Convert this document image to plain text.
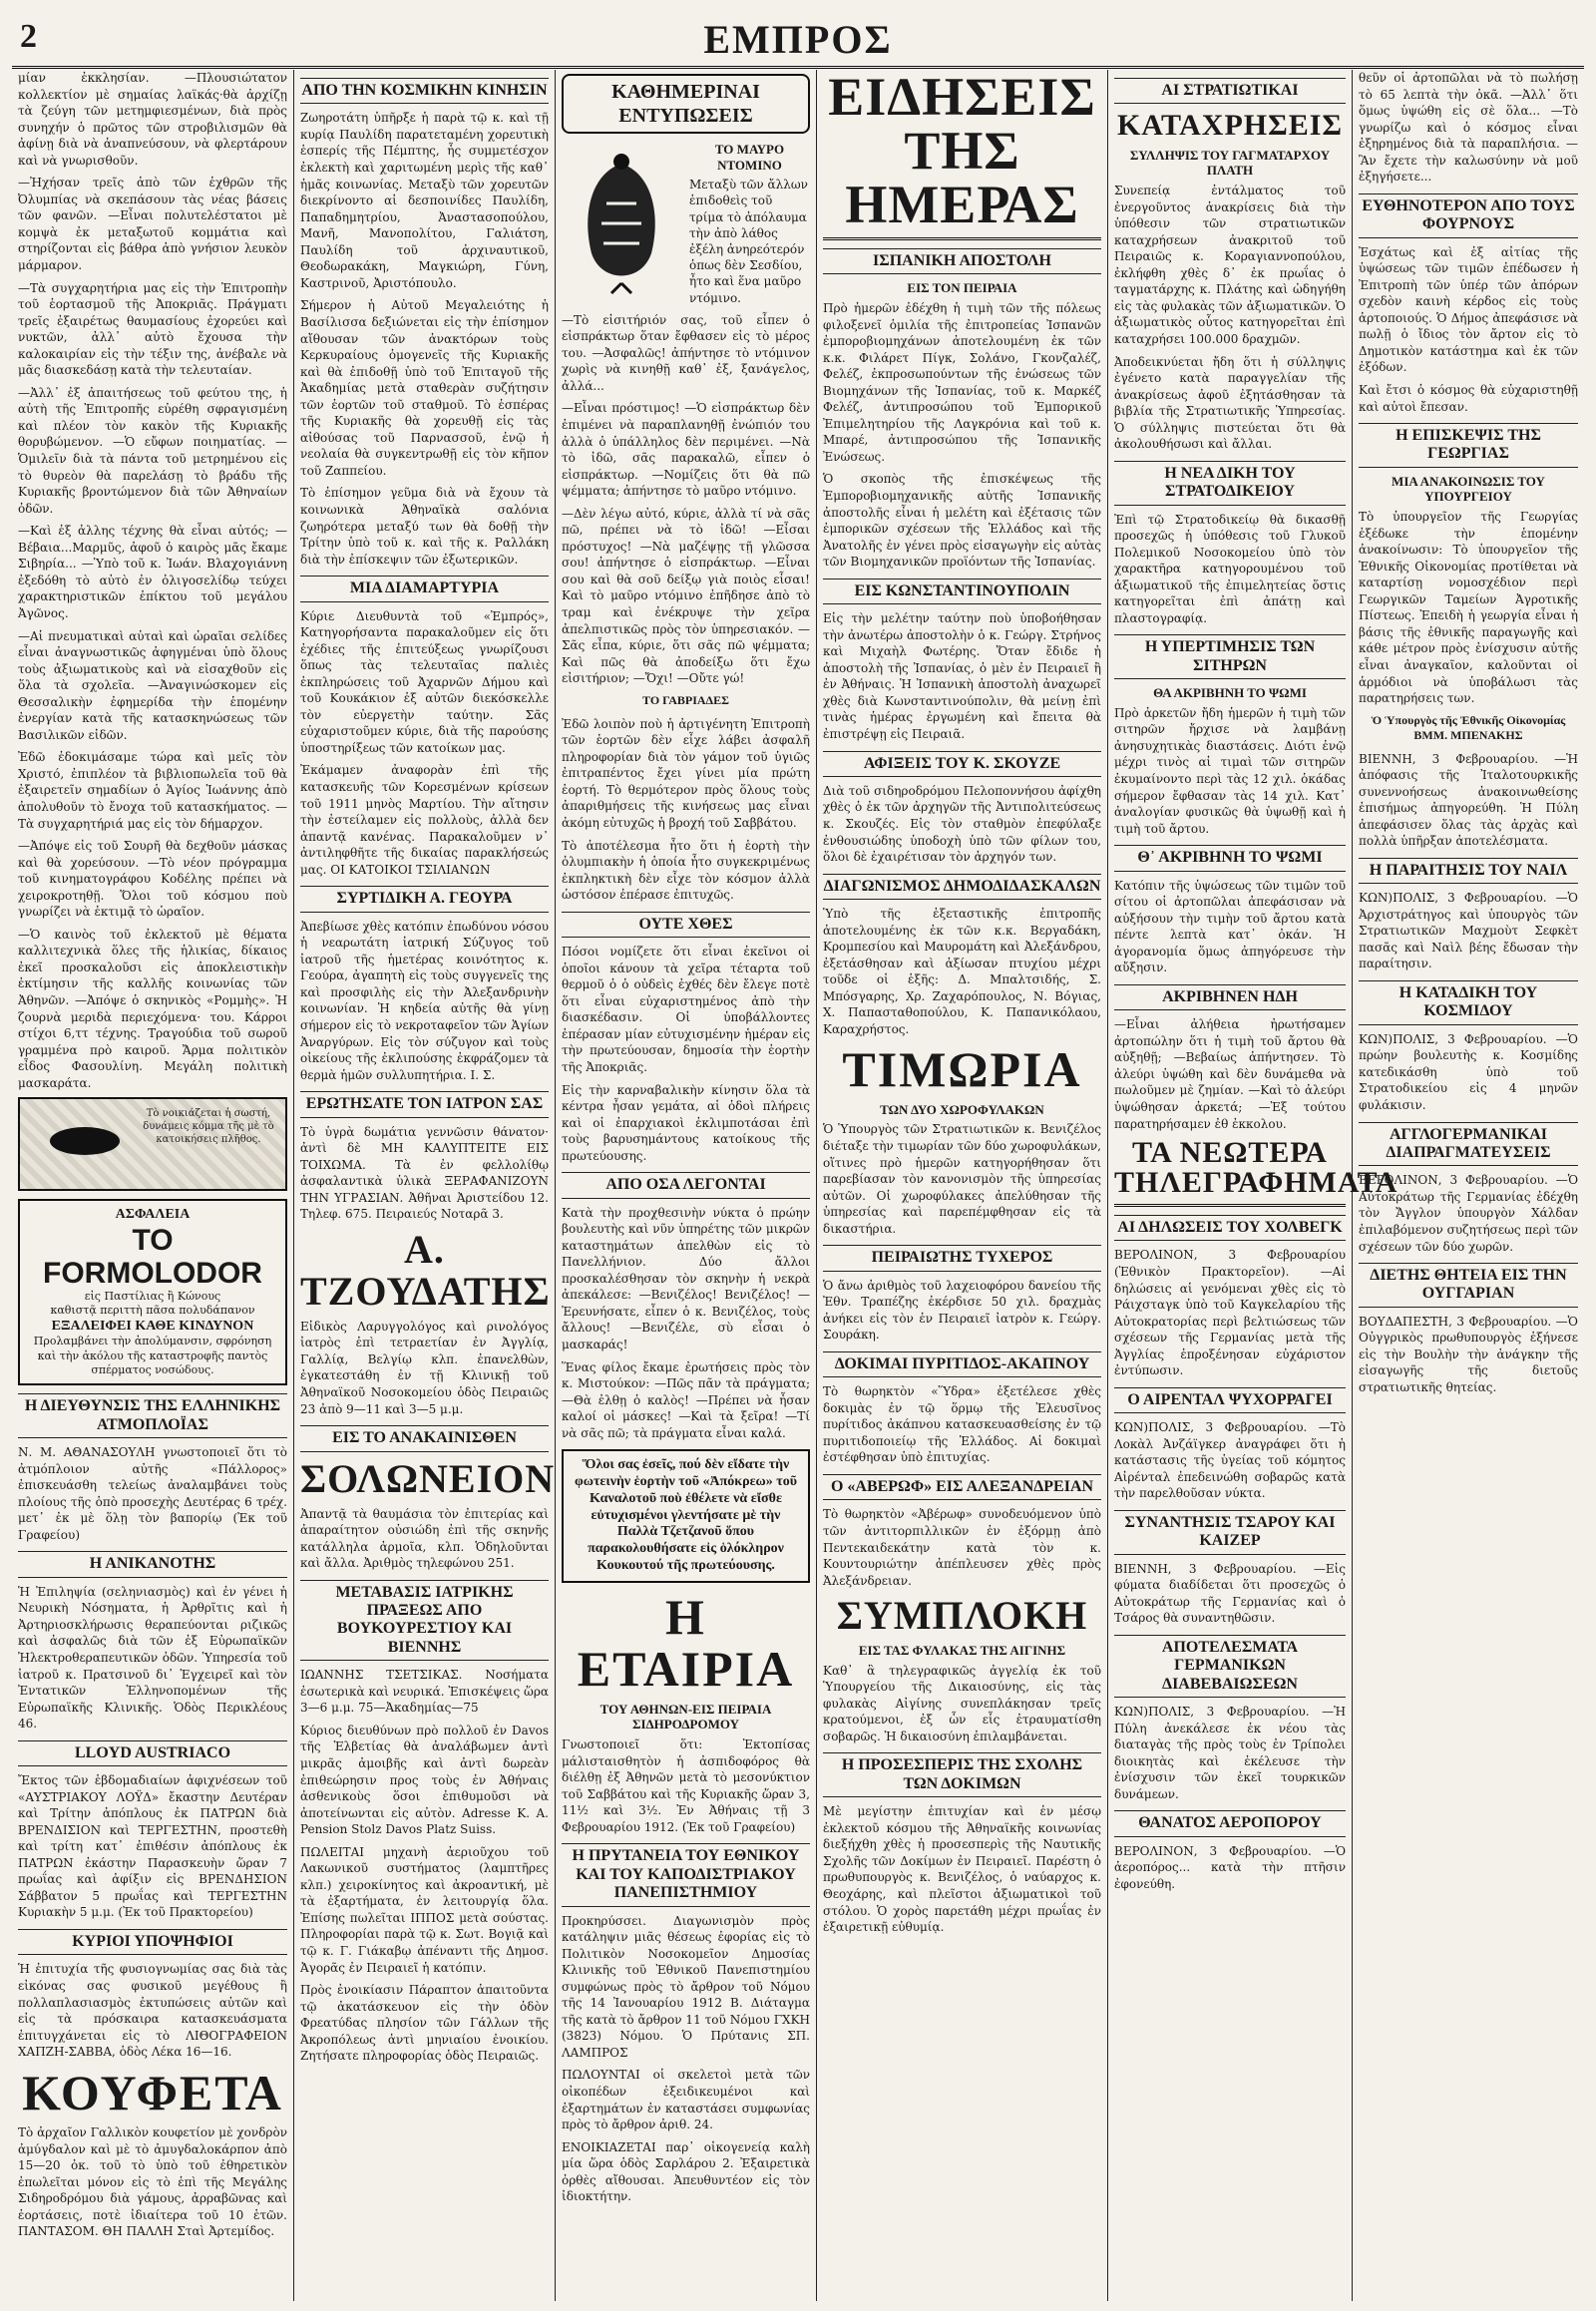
2	ΕΜΠΡΟΣ

μίαν ἐκκλησίαν. —Πλουσιώτατον κολλεκτίον μὲ σημαίας λαϊκάς·θὰ ἀρχίζῃ τὰ ζεύγη τῶν μετημφιεσμένων, διὰ πρὸς συνηχήν ὁ πρῶτος τῶν στροβιλισμῶν θὰ ἀφίνῃ διὰ νὰ ἀναπνεύσουν, νὰ φλερτάρουν καὶ νὰ γνωρισθοῦν.

—Ἠχήσαν τρεῖς ἀπὸ τῶν ἐχθρῶν τῆς Ὀλυμπίας νὰ σκεπάσουν τὰς νέας βάσεις τῶν φανῶν. —Εἶναι πολυτελέστατοι μὲ κομψὰ ἐκ μεταξωτοῦ κομμάτια καὶ στηρίζονται εἰς βάθρα ἀπὸ γνήσιον λευκὸν μάρμαρον.

—Τὰ συγχαρητήρια μας εἰς τὴν Ἐπιτροπὴν τοῦ ἑορτασμοῦ τῆς Ἀποκριᾶς. Πράγματι τρεῖς ἐξαιρέτως θαυμασίους ἐχορεύει καὶ νυκτῶν, ἀλλ᾽ αὐτὸ ἔχουσα τὴν καλοκαιρίαν εἰς τὴν τέξιν της, ἀνέβαλε νὰ μᾶς διασκεδάσῃ κατὰ τὴν τελευταίαν.

—Ἀλλ᾽ ἐξ ἀπαιτήσεως τοῦ φεύτου της, ἡ αὐτὴ τῆς Ἐπιτροπῆς εὐρέθη σφραγισμένη καὶ πλέον τὸν κακὸν τῆς Κυριακῆς θορυβώμενον. —Ὁ εὔφων ποιηματίας. —Ὁμιλεῖν διὰ τὰ πάντα τοῦ μετρημένου εἰς τὸ θυρεὸν θὰ παρελάσῃ τὸ βράδυ τῆς Κυριακῆς βροντώμενον διὰ τῶν Ἀθηναίων ὁδῶν.

—Καὶ ἐξ ἀλλης τέχνης θὰ εἶναι αὐτός; —Βέβαια...Μαρμῦς, ἀφοῦ ὁ καιρὸς μᾶς ἔκαμε Σιβηρία... —Ὑπὸ τοῦ κ. Ἰωάν. Βλαχογιάννη ἐξεδόθη τὸ αὐτὸ ἐν ὀλιγοσελίδῳ τεύχει χαρακτηριστικῶν ἐπίκτου τοῦ μεγάλου Ἀγῶνος.

—Αἱ πνευματικαὶ αὐταὶ καὶ ὡραῖαι σελίδες εἶναι ἀναγνωστικῶς ἀφηγμέναι ὑπὸ ὅλους τοὺς ἀξιωματικοὺς καὶ νὰ εἰσαχθοῦν εἰς ὅλα τὰ σχολεῖα. —Ἀναγινώσκομεν εἰς Θεσσαλικὴν ἐφημερίδα τὴν ἑπομένην ἐνεργίαν κατὰ τῆς κατασκηνώσεως τῶν Βασιλικῶν εἰδῶν.

Ἐδῶ ἐδοκιμάσαμε τώρα καὶ μεῖς τὸν Χριστό, ἐπιπλέον τὰ βιβλιοπωλεῖα τοῦ θὰ ἐξαιρετεῖν σημαδίων ὁ Ἁγίος Ἰωάννης ἀπὸ ἀπολυθοῦν τὸ ἔνοχα τοῦ κατασκήματος. —Τὰ συγχαρητήριά μας εἰς τὸν δήμαρχον.

—Ἀπόψε εἰς τοῦ Σουρῆ θὰ δεχθοῦν μάσκας καὶ θὰ χορεύσουν. —Τὸ νέον πρόγραμμα τοῦ κινηματογράφου Κοδέλης πρέπει νὰ χειροκροτηθῇ. Ὅλοι τοῦ κόσμου ποὺ γνωρίζει νὰ ἐκτιμᾷ τὸ ὡραῖον.

—Ὁ καινὸς τοῦ ἐκλεκτοῦ μὲ θέματα καλλιτεχνικὰ ὅλες τῆς ἡλικίας, δίκαιος ἐκεῖ προσκαλοῦσι εἰς ἀποκλειστικὴν ἐκτίμησιν τῆς καλλῆς κοινωνίας τῶν Ἀθηνῶν. —Ἀπόψε ὁ σκηνικὸς «Ρομμὴς». Ἡ ζουρνὰ μεριδὰ περιεχόμενα· του. Κάρροι στίχοι 6,ττ τέχνης. Τραγούδια τοῦ σωροῦ γραμμένα πρὸ καιροῦ. Ἄρμα πολιτικὸν εἶδος Φασουλίνη. Μεγάλη πολιτικὴ μασκαράτα.

Τὸ νοικιάζεται ἡ σωστή, δυνάμεις κόμμα τῆς μὲ τὸ κατοικήσεις πλῆθος.
ΑΣΦΑΛΕΙΑ
ΤΟ FORMOLODOR
εἰς Παστίλιας ἢ Κώνους
καθιστᾷ περιττὴ πᾶσα πολυδάπανον
ΕΞΑΛΕΙΦΕΙ ΚΑΘΕ ΚΙΝΔΥΝΟΝ
Προλαμβάνει τὴν ἀπολύμανσιν, σφρόνηση καὶ τὴν ἀκόλου τῆς καταστροφῆς παντὸς σπέρματος νοσώδους.
Η ΔΙΕΥΘΥΝΣΙΣ ΤΗΣ ΕΛΛΗΝΙΚΗΣ ΑΤΜΟΠΛΟΪΑΣ

Ν. Μ. ΑΘΑΝΑΣΟΥΛΗ γνωστοποιεῖ ὅτι τὸ ἀτμόπλοιον αὐτῆς «Πάλλορος» ἐπισκευάσθη τελείως ἀναλαμβάνει τοὺς πλοίους τῆς ὁπὸ προσεχὴς Δευτέρας 6 τρέχ. μετ᾽ ἐκ μὲ ὅλῃ τὸν βαπορίῳ (Ἐκ τοῦ Γραφείου)

Η ΑΝΙΚΑΝΟΤΗΣ

Ἡ Ἐπιληψία (σεληνιασμὸς) καὶ ἐν γένει ἡ Νευρικὴ Νόσηματα, ἡ Ἀρθρῖτις καὶ ἡ Ἀρτηριοσκλήρωσις θεραπεύονται ριζικῶς καὶ ἀσφαλῶς διὰ τῶν ἐξ Εὐρωπαϊκῶν Ἠλεκτροθεραπευτικῶν ὁδῶν. Ὑπηρεσία τοῦ ἰατροῦ κ. Πρατσινοῦ δι᾽ Ἑγχειρεῖ καὶ τὸν Ἐντατικῶν Ἑλληνοπομένων τῆς Εὐρωπαϊκῆς Κλινικῆς. Ὁδὸς Περικλέους 46.

LLOYD AUSTRIACO

Ἔκτος τῶν ἑβδομαδιαίων ἀφιχνέσεων τοῦ «ΑΥΣΤΡΙΑΚΟΥ ΛΟΫΔ» ἔκαστην Δευτέραν καὶ Τρίτην ἀπόπλους ἐκ ΠΑΤΡΩΝ διὰ ΒΡΕΝΔΙΣΙΟΝ καὶ ΤΕΡΓΕΣΤΗΝ, προστεθὴ καὶ τρίτη κατ᾽ ἐπιθέσιν ἀπόπλους ἐκ ΠΑΤΡΩΝ ἐκάστην Παρασκευὴν ὥραν 7 πρωΐας καὶ ἀφίξιν εἰς ΒΡΕΝΔΗΣΙΟΝ Σάββατον 5 πρωΐας καὶ ΤΕΡΓΕΣΤΗΝ Κυριακὴν 5 μ.μ. (Ἐκ τοῦ Πρακτορείου)

ΚΥΡΙΟΙ ΥΠΟΨΗΦΙΟΙ

Ἡ ἐπιτυχία τῆς φυσιογνωμίας σας διὰ τὰς εἰκόνας σας φυσικοῦ μεγέθους ἢ πολλαπλασιασμὸς ἐκτυπώσεις αὐτῶν καὶ εἰς τὰ πρόσκαιρα κατασκευάσματα ἐπιτυγχάνεται εἰς τὸ ΛΙΘΟΓΡΑΦΕΙΟΝ ΧΑΠΖΗ-ΣΑΒΒΑ, ὁδὸς Λέκα 16—16.

ΚΟΥΦΕΤΑ

Τὸ ἀρχαῖον Γαλλικὸν κουφετίον μὲ χονδρὸν ἀμύγδαλον καὶ μὲ τὸ ἀμυγδαλοκάρπον ἀπὸ 15—20 ὀκ. τοῦ τὸ ὑπὸ τοῦ ἐθηρετικὸν ἐπωλεῖται μόνον εἰς τὸ ἐπὶ τῆς Μεγάλης Σιδηροδρόμου διὰ γάμους, ἀρραβῶνας καὶ ἐορτάσεις, ποτὲ ἰδιαίτερα τοῦ 10 ἑτῶν. ΠΑΝΤΑΣΟΜ. ΘΗ ΠΑΛΛΗ Σταὶ Ἀρτεμίδος.

ΑΠΟ ΤΗΝ ΚΟΣΜΙΚΗΝ ΚΙΝΗΣΙΝ

Ζωηροτάτη ὑπῆρξε ἡ παρὰ τῷ κ. καὶ τῇ κυρίᾳ Παυλίδη παρατεταμένη χορευτικὴ ἑσπερίς τῆς Πέμπτης, ἧς συμμετέσχον ἐκλεκτὴ καὶ χαριτωμένη μερὶς τῆς καθ᾽ ἡμᾶς κοινωνίας. Μεταξὺ τῶν χορευτῶν διεκρίνοντο αἱ δεσποινίδες Παυλίδη, Παπαδημητρίου, Ἀναστασοπούλου, Μανῆ, Μανοπολίτου, Γαλιάτση, Παυλίδη τοῦ ἀρχιναυτικοῦ, Θεοδωρακάκη, Μαγκιώρη, Γύνη, Καστρινοῦ, Ἀριστόπουλο.

Σήμερον ἡ Αὐτοῦ Μεγαλειότης ἡ Βασίλισσα δεξιώνεται εἰς τὴν ἐπίσημον αἴθουσαν τῶν ἀνακτόρων τοὺς Κερκυραίους ὁμογενεῖς τῆς Κυριακῆς καὶ θὰ ἐπιδοθῇ ὑπὸ τοῦ Ἐπιταγοῦ τῆς Ἀκαδημίας μετὰ σταθερὰν συζήτησιν τῶν ἑορτῶν τοῦ σταθμοῦ. Τὸ ἑσπέρας τῆς Κυριακῆς θὰ χορευθῇ εἰς τὰς αἰθούσας τοῦ Παρνασσοῦ, ἐνῷ ἡ νεολαία θὰ συγκεντρωθῇ εἰς τὸν κῆπον τοῦ Ζαππείου.

Τὸ ἐπίσημον γεῦμα διὰ νὰ ἔχουν τὰ κοινωνικὰ Ἀθηναϊκὰ σαλόνια ζωηρότερα μεταξύ των θὰ δοθῇ τὴν Τρίτην ὑπὸ τοῦ κ. καὶ τῆς κ. Ραλλάκη διὰ τὴν ἐπίσκεψιν τῶν ἐξωτερικῶν.

ΜΙΑ ΔΙΑΜΑΡΤΥΡΙΑ

Κύριε Διευθυντὰ τοῦ «Ἐμπρός», Κατηγορήσαντα παρακαλοῦμεν εἰς ὅτι ἐχέδιες τῆς ἐπιτεύξεως γνωρίζουσι ὅπως τὰς τελευταῖας παλιὲς ἐκπληρώσεις τοῦ Ἀχαρνῶν Δήμου καὶ τοῦ Κουκάκιον ἐξ αὐτῶν διεκόσκελλε τὸν εὐεργετὴν ταύτην. Σᾶς εὐχαριστοῦμεν κύριε, διὰ τῆς παρούσης ὑποστηρίξεως τῶν κατοίκων μας.

Ἐκάμαμεν ἀναφορὰν ἐπὶ τῆς κατασκευῆς τῶν Κορεσμένων κρίσεων τοῦ 1911 μηνὸς Μαρτίου. Τὴν αἴτησιν τὴν ἐστείλαμεν εἰς πολλοὺς, ἀλλὰ δεν ἀπαντᾷ κανένας. Παρακαλοῦμεν ν᾽ ἀντιληφθῆτε τῆς δικαίας παρακλήσεώς μας. ΟΙ ΚΑΤΟΙΚΟΙ ΤΣΙΛΙΑΝΩΝ

ΣΥΡΤΙΔΙΚΗ Α. ΓΕΟΥΡΑ

Ἀπεβίωσε χθὲς κατόπιν ἐπωδύνου νόσου ἡ νεαρωτάτη ἰατρική Σύζυγος τοῦ ἰατροῦ τῆς ἡμετέρας κοινότητος κ. Γεούρα, ἀγαπητὴ εἰς τοὺς συγγενεῖς της καὶ προσφιλὴς εἰς τὴν Ἀλεξανδρινὴν κοινωνίαν. Ἡ κηδεία αὐτῆς θὰ γίνῃ σήμερον εἰς τὸ νεκροταφεῖον τῶν Ἁγίων Ἀναργύρων. Εἰς τὸν σύζυγον καὶ τοὺς οἰκείους τῆς ἐκλιπούσης ἐκφράζομεν τὰ θερμὰ ἡμῶν συλλυπητήρια. Ι. Σ.

ΕΡΩΤΗΣΑΤΕ ΤΟΝ ΙΑΤΡΟΝ ΣΑΣ

Τὸ ὑγρὰ δωμάτια γεννῶσιν θάνατον· ἀντὶ δὲ ΜΗ ΚΑΛΥΠΤΕΙΤΕ ΕΙΣ ΤΟΙΧΩΜΑ. Τὰ ἐν φελλολίθῳ ἀσφαλαντικὰ ὑλικὰ ΞΕΡΑΦΑΝΙΖΟΥΝ ΤΗΝ ΥΓΡΑΣΙΑΝ. Ἀθῆναι Ἀριστείδου 12. Τηλεφ. 675. Πειραιεύς Νοταρᾶ 3.

Α. ΤΖΟΥΔΑΤΗΣ

Εἰδικὸς Λαρυγγολόγος καὶ ρινολόγος ἰατρὸς ἐπὶ τετραετίαν ἐν Ἀγγλίᾳ, Γαλλίᾳ, Βελγίῳ κλπ. ἐπανελθὼν, ἐγκατεστάθη ἐν τῇ Κλινικῇ τοῦ Ἀθηναϊκοῦ Νοσοκομείου ὁδὸς Πειραιῶς 23 ἀπὸ 9—11 καὶ 3—5 μ.μ.

ΕΙΣ ΤΟ ΑΝΑΚΑΙΝΙΣΘΕΝ
ΣΟΛΩΝΕΙΟΝ

Ἀπαντᾷ τὰ θαυμάσια τὸν ἐπιτερίας καὶ ἀπαραίτητον οὐσιώδη ἐπὶ τῆς σκηνῆς κατάλληλα ἀρμοῖα, κλπ. Ὁδηλοῦνται καὶ ἄλλα. Ἀριθμὸς τηλεφώνου 251.

ΜΕΤΑΒΑΣΙΣ ΙΑΤΡΙΚΗΣ ΠΡΑΞΕΩΣ ΑΠΟ ΒΟΥΚΟΥΡΕΣΤΙΟΥ ΚΑΙ ΒΙΕΝΝΗΣ

ΙΩΑΝΝΗΣ ΤΣΕΤΣΙΚΑΣ. Νοσήματα ἐσωτερικὰ καὶ νευρικά. Ἐπισκέψεις ὥρα 3—6 μ.μ. 75—Ἀκαδημίας—75

Κύριος διευθύνων πρὸ πολλοῦ ἐν Davos τῆς Ἑλβετίας θὰ ἀναλάβωμεν ἀντὶ μικρᾶς ἀμοιβῆς καὶ ἀντὶ δωρεὰν ἐπιθεώρησιν προς τοὺς ἐν Ἀθήναις ἀσθενικοὺς ὅσοι ἐπιθυμοῦσι νὰ ἀποτείνωνται εἰς αὐτὸν. Adresse K. A. Pension Stolz Davos Platz Suiss.

ΠΩΛΕΙΤΑΙ μηχανὴ ἀεριοῦχου τοῦ Λακωνικοῦ συστήματος (λαμπτῆρες κλπ.) χειροκίνητος καὶ ἀκροαντική, μὲ τὰ ἐξαρτήματα, ἐν λειτουργίᾳ ὅλα. Ἐπίσης πωλεῖται ΙΠΠΟΣ μετὰ σούστας. Πληροφορίαι παρὰ τῷ κ. Σωτ. Βογιᾷ καὶ τῷ κ. Γ. Γιάκαβῳ ἀπέναντι τῆς Δημοσ. Ἀγορᾶς ἐν Πειραιεῖ ἡ κατόπιν.

Πρὸς ἐνοικίασιν Πάραπτον ἀπαιτοῦντα τῷ ἀκατάσκευον εἰς τὴν ὁδὸν Φρεατύδας πλησίον τῶν Γάλλων τῆς Ἀκροπόλεως ἀντὶ μηνιαίου ἐνοικίου. Ζητήσατε πληροφορίας ὁδὸς Πειραιῶς.

ΚΑΘΗΜΕΡΙΝΑΙ ΕΝΤΥΠΩΣΕΙΣ
ΤΟ ΜΑΥΡΟ ΝΤΟΜΙΝΟ

Μεταξὺ τῶν ἄλλων ἐπιδοθεὶς τοῦ τρίμα τὸ ἀπόλαυμα τὴν ἀπὸ λάθος ἐξέλη ἀνηρεότερόν ὁπως δὲν Σεσδίου, ἦτο καὶ ἕνα μαῦρο ντόμινο.

—Τὸ εἰσιτήριόν σας, τοῦ εἶπεν ὁ εἰσπράκτωρ ὅταν ἔφθασεν εἰς τὸ μέρος του. —Ἀσφαλῶς! ἀπήντησε τὸ ντόμινον χωρὶς νὰ κινηθῇ καθ᾽ ἐξ, ξανάγελος, ἀλλά...

—Εἶναι πρόστιμος! —Ὁ εἰσπράκτωρ δὲν ἐπιμένει νὰ παραπλανηθῇ ἐνώπιόν του ἀλλὰ ὁ ὑπάλληλος δὲν περιμένει. —Νὰ τὸ ἰδῶ, σᾶς παρακαλῶ, εἶπεν ὁ εἰσπράκτωρ. —Νομίζεις ὅτι θὰ πῶ ψέμματα; ἀπήντησε τὸ μαῦρο ντόμινο.

—Δὲν λέγω αὐτό, κύριε, ἀλλὰ τί νὰ σᾶς πῶ, πρέπει νὰ τὸ ἰδῶ! —Εἶσαι πρόστυχος! —Νὰ μαζέψῃς τῇ γλῶσσα σου! ἀπήντησε ὁ εἰσπράκτωρ. —Εἶναι σου καὶ θὰ σοῦ δείξῳ γιὰ ποιὸς εἶσαι! Καὶ τὸ μαῦρο ντόμινο ἐπῆδησε ἀπὸ τὸ τραμ καὶ ἐνέκρυψε τὴν χεῖρα ἀπελπιστικῶς πρὸς τὸν ὑπηρεσιακόν. —Σᾶς εἶπα, κύριε, ὅτι σᾶς πῶ ψέμματα; Καὶ πῶς θὰ ἀποδείξω ὅτι ἔχω εἰσιτήριον; —Ὄχι! —Οὔτε γώ!

ΤΟ ΓΑΒΡΙΑΔΕΣ

Ἐδῶ λοιπὸν ποὺ ἡ ἀρτιγένητη Ἐπιτροπὴ τῶν ἑορτῶν δὲν εἶχε λάβει ἀσφαλῆ πληροφορίαν διὰ τὸν γάμον τοῦ ὑγιῶς ἐπιτραπέντος ἔχει γίνει μία πρώτη ἑορτή. Τὸ θερμότερον πρὸς ὅλους τοὺς ἀπαριθμήσεις τῆς κινήσεως μας εἶναι ἀκόμη εὐτυχῶς ἡ βροχή τοῦ Σαββάτου.

Τὸ ἀποτέλεσμα ἦτο ὅτι ἡ ἑορτὴ τὴν ὀλυμπιακὴν ἡ ὁποία ἦτο συγκεκριμένως ἐκπληκτικὴ δὲν εἶχε τὸν κόσμον ἀλλὰ ὡστόσον ἐπέρασε ἐπιτυχῶς.

ΟΥΤΕ ΧΘΕΣ

Πόσοι νομίζετε ὅτι εἶναι ἐκεῖνοι οἱ ὁποῖοι κάνουν τὰ χεῖρα τέταρτα τοῦ θερμοῦ ὁ ὁ οὐδεὶς ἐχθές δὲν ἔλεγε ποτὲ ὅτι εἶναι εὐχαριστημένος ἀπὸ τὴν διασκέδασιν. Οἱ ὑποβάλλοντες ἐπέρασαν μίαν εὐτυχισμένην ἡμέραν εἰς τὴν πρωτεύουσαν, δημοσία τὴν ἑορτὴν τῆς Ἀποκριᾶς.

Εἰς τὴν καρναβαλικὴν κίνησιν ὅλα τὰ κέντρα ἦσαν γεμάτα, αἱ ὁδοὶ πλήρεις καὶ οἱ ἐπαρχιακοὶ ἐκλιμποτάσαι ἐπὶ τοὺς βαρυσημάντους κατοίκους τῆς πρωτεύουσης.

ΑΠΟ ΟΣΑ ΛΕΓΟΝΤΑΙ

Κατὰ τὴν προχθεσινὴν νύκτα ὁ πρώην βουλευτὴς καὶ νῦν ὑπηρέτης τῶν μικρῶν καταστημάτων ἀπελθὼν εἰς τὸ Πανελλήνιον. Δύο ἄλλοι προσκαλέσθησαν τὸν σκηνὴν ἡ νεκρὰ ἀπεκάλεσε: —Βενιζέλος! Βενιζέλος! —Ἐρευνήσατε, εἶπεν ὁ κ. Βενιζέλος, τοὺς ἄλλους! —Βενιζέλε, σὺ εἶσαι ὁ μασκαράς!

Ἕνας φίλος ἔκαμε ἐρωτήσεις πρὸς τὸν κ. Μιστούκον: —Πῶς πᾶν τὰ πράγματα; —Θὰ ἐλθῃ ὁ καλὸς! —Πρέπει νὰ ἦσαν καλοί οἱ μάσκες! —Καὶ τὰ ξεῖρα! —Τί νὰ σᾶς πῶ; τὰ πράγματα εἶναι καλά.

Ὅλοι σας ἐσεῖς, πού δὲν εἴδατε τὴν φωτεινὴν ἑορτὴν τοῦ «Ἀπόκρεω» τοῦ Καναλοτοῦ ποὺ ἐθέλετε νὰ εἴσθε εὐτυχισμένοι γλεντήσατε μὲ τὴν Παλλὰ Τζετζανοῦ ὅπου παρακολουθήσατε εἰς ὁλόκληρον Κουκουτού τῆς πρωτεύουσης.
Η ΕΤΑΙΡΙΑ
ΤΟΥ ΑΘΗΝΩΝ-ΕΙΣ ΠΕΙΡΑΙΑ ΣΙΔΗΡΟΔΡΟΜΟΥ

Γνωστοποιεῖ ὅτι: Ἐκτοπίσας μάλισταισθητὸν ἡ ἀσπιδοφόρος θὰ διέλθῃ ἐξ Ἀθηνῶν μετὰ τὸ μεσονύκτιον τοῦ Σαββάτου καὶ τῆς Κυριακῆς ὥραν 3, 11½ καὶ 3½. Ἐν Ἀθήναις τῇ 3 Φεβρουαρίου 1912. (Ἐκ τοῦ Γραφείου)

Η ΠΡΥΤΑΝΕΙΑ ΤΟΥ ΕΘΝΙΚΟΥ ΚΑΙ ΤΟΥ ΚΑΠΟΔΙΣΤΡΙΑΚΟΥ ΠΑΝΕΠΙΣΤΗΜΙΟΥ

Προκηρύσσει. Διαγωνισμὸν πρὸς κατάληψιν μιᾶς θέσεως ἐφορίας εἰς τὸ Πολιτικὸν Νοσοκομεῖον Δημοσίας Κλινικῆς τοῦ Ἐθνικοῦ Πανεπιστημίου συμφώνως πρὸς τὸ ἄρθρον τοῦ Νόμου τῆς 14 Ἰανουαρίου 1912 Β. Διάταγμα τῆς κατὰ τὸ ἄρθρον 11 τοῦ Νόμου ΓΧΚΗ (3823) Νόμου. Ὁ Πρύτανις ΣΠ. ΛΑΜΠΡΟΣ

ΠΩΛΟΥΝΤΑΙ οἱ σκελετοὶ μετὰ τῶν οἰκοπέδων ἐξειδικευμένοι καὶ ἐξαρτημάτων ἐν καταστάσει συμφωνίας πρὸς τὸ ἄρθρον ἀριθ. 24.

ΕΝΟΙΚΙΑΖΕΤΑΙ παρ᾽ οἰκογενείᾳ καλὴ μία ὥρα ὁδὸς Σαρλάρου 2. Ἐξαιρετικὰ ὀρθὲς αἴθουσαι. Ἀπευθυντέον εἰς τὸν ἰδιοκτήτην.

ΕΙΔΗΣΕΙΣ ΤΗΣ ΗΜΕΡΑΣ
ΙΣΠΑΝΙΚΗ ΑΠΟΣΤΟΛΗ
ΕΙΣ ΤΟΝ ΠΕΙΡΑΙΑ

Πρὸ ἡμερῶν ἐδέχθη ἡ τιμὴ τῶν τῆς πόλεως φιλοξενεῖ ὁμιλία τῆς ἐπιτροπείας Ἰσπανῶν ἐμποροβιομηχάνων ἀποτελουμένη ἐκ τῶν κ.κ. Φιλάρετ Πίγκ, Σολάνο, Γκονζαλέζ, Φελέζ, ἐκπροσωπούντων τῆς ἑνώσεως τῶν Βιομηχάνων τῆς Ἰσπανίας, τοῦ κ. Μαρκέζ Φελέζ, ἀντιπροσώπου τοῦ Ἐμπορικοῦ Ἐπιμελητηρίου τῆς Λαγκρόνια καὶ τοῦ κ. Μπαρέ, ἀντιπροσώπου τῆς Ἰσπανικῆς Ἐνώσεως.

Ὁ σκοπὸς τῆς ἐπισκέψεως τῆς Ἐμποροβιομηχανικῆς αὐτῆς Ἰσπανικῆς ἀποστολῆς εἶναι ἡ μελέτη καὶ ἐξέτασις τῶν ἐμπορικῶν σχέσεων τῆς Ἑλλάδος καὶ τῆς Ἀνατολῆς ἐν γένει πρὸς εἰσαγωγὴν εἰς αὐτὰς τῶν Βιομηχανικῶν προϊόντων τῆς Ἰσπανίας.

ΕΙΣ ΚΩΝΣΤΑΝΤΙΝΟΥΠΟΛΙΝ

Εἰς τὴν μελέτην ταύτην ποὺ ὑποβοήθησαν τὴν ἀνωτέρω ἀποστολὴν ὁ κ. Γεώργ. Στρήνος καὶ Μιχαὴλ Φωτέρης. Ὅταν ἔδιδε ἡ ἀποστολὴ τῆς Ἰσπανίας, ὁ μὲν ἐν Πειραιεῖ ἢ ἐν Ἀθήναις. Ἡ Ἰσπανικὴ ἀποστολὴ ἀναχωρεῖ χθὲς διὰ Κωνσταντινούπολιν, θὰ μείνῃ ἐπὶ τινὰς ἡμέρας ἐργωμένη καὶ ἔπειτα θὰ ἐπιστρέψῃ εἰς Πειραιᾶ.

ΑΦΙΞΕΙΣ ΤΟΥ Κ. ΣΚΟΥΖΕ

Διὰ τοῦ σιδηροδρόμου Πελοποννήσου ἀφίχθη χθὲς ὁ ἐκ τῶν ἀρχηγῶν τῆς Ἀντιπολιτεύσεως κ. Σκουζές. Εἰς τὸν σταθμὸν ἐπεφύλαξε ἐνθουσιώδης ὑποδοχὴ ὑπὸ τῶν φίλων του, ὅλοι δὲ ἐχαιρέτισαν τὸν ἀρχηγόν των.

ΔΙΑΓΩΝΙΣΜΟΣ ΔΗΜΟΔΙΔΑΣΚΑΛΩΝ

Ὑπὸ τῆς ἐξεταστικῆς ἐπιτροπῆς ἀποτελουμένης ἐκ τῶν κ.κ. Βεργαδάκη, Κρομπεσίου καὶ Μαυρομάτη καὶ Ἀλεξάνδρου, ἐξετάσθησαν καὶ ἀξίωσαν πτυχίου μέχρι τοῦδε οἱ ἑξῆς: Δ. Μπαλτσιδής, Σ. Μπόσγαρης, Χρ. Ζαχαρόπουλος, Ν. Βόγιας, Χ. Παπασταθοπούλου, Κ. Παπανικόλαου, Καραχρήστος.

ΤΙΜΩΡΙΑ
ΤΩΝ ΔΥΟ ΧΩΡΟΦΥΛΑΚΩΝ

Ὁ Ὑπουργὸς τῶν Στρατιωτικῶν κ. Βενιζέλος διέταξε τὴν τιμωρίαν τῶν δύο χωροφυλάκων, οἵτινες πρὸ ἡμερῶν κατηγορήθησαν ὅτι παρεβίασαν τὸν κανονισμὸν τῆς ὑπηρεσίας αὐτῶν. Οἱ χωροφύλακες ἀπελύθησαν τῆς ὑπηρεσίας καὶ παρεπέμφθησαν εἰς τὰ δικαστήρια.

ΠΕΙΡΑΙΩΤΗΣ ΤΥΧΕΡΟΣ

Ὁ ἄνω ἀριθμὸς τοῦ λαχειοφόρου δανείου τῆς Ἐθν. Τραπέζης ἐκέρδισε 50 χιλ. δραχμὰς ἀνήκει εἰς τὸν ἐν Πειραιεῖ ἰατρὸν κ. Γεώργ. Σουράκη.

ΔΟΚΙΜΑΙ ΠΥΡΙΤΙΔΟΣ-ΑΚΑΠΝΟΥ

Τὸ θωρηκτὸν «Ὕδρα» ἐξετέλεσε χθὲς δοκιμὰς ἐν τῷ ὅρμῳ τῆς Ἐλευσῖνος πυρίτιδος ἀκάπνου κατασκευασθείσης ἐν τῷ πυριτιδοποιείῳ τῆς Ἑλλάδος. Αἱ δοκιμαὶ ἐστέφθησαν ὑπὸ ἐπιτυχίας.

Ο «ΑΒΕΡΩΦ» ΕΙΣ ΑΛΕΞΑΝΔΡΕΙΑΝ

Τὸ θωρηκτὸν «Ἀβέρωφ» συνοδευόμενον ὑπὸ τῶν ἀντιτορπιλλικῶν ἐν ἐξόρμῃ ἀπὸ Πεντεκαιδεκάτην κατὰ τὸν κ. Κουντουριώτην ἀπέπλευσεν χθὲς πρὸς Ἀλεξάνδρειαν.

ΣΥΜΠΛΟΚΗ
ΕΙΣ ΤΑΣ ΦΥΛΑΚΑΣ ΤΗΣ ΑΙΓΙΝΗΣ

Καθ᾽ ἃ τηλεγραφικῶς ἀγγελίᾳ ἐκ τοῦ Ὑπουργείου τῆς Δικαιοσύνης, εἰς τὰς φυλακὰς Αἰγίνης συνεπλάκησαν τρεῖς κρατούμενοι, ἐξ ὧν εἷς ἐτραυματίσθη σοβαρῶς. Ἡ δικαιοσύνη ἐπιλαμβάνεται.

Η ΠΡΟΣΕΣΠΕΡΙΣ ΤΗΣ ΣΧΟΛΗΣ ΤΩΝ ΔΟΚΙΜΩΝ

Μὲ μεγίστην ἐπιτυχίαν καὶ ἐν μέσῳ ἐκλεκτοῦ κόσμου τῆς Ἀθηναϊκῆς κοινωνίας διεξήχθη χθὲς ἡ προσεσπερὶς τῆς Ναυτικῆς Σχολῆς τῶν Δοκίμων ἐν Πειραιεῖ. Παρέστη ὁ πρωθυπουργὸς κ. Βενιζέλος, ὁ ναύαρχος κ. Θεοχάρης, καὶ πλεῖστοι ἀξιωματικοὶ τοῦ στόλου. Ὁ χορὸς παρετάθη μέχρι πρωΐας ἐν ἐξαιρετικῇ εὐθυμίᾳ.

ΑΙ ΣΤΡΑΤΙΩΤΙΚΑΙ
ΚΑΤΑΧΡΗΣΕΙΣ
ΣΥΛΛΗΨΙΣ ΤΟΥ ΓΑΓΜΑΤΑΡΧΟΥ ΠΛΑΤΗ

Συνεπείᾳ ἐντάλματος τοῦ ἐνεργοῦντος ἀνακρίσεις διὰ τὴν ὑπόθεσιν τῶν στρατιωτικῶν καταχρήσεων ἀνακριτοῦ τοῦ Πειραιῶς κ. Κοραγιαννοπούλου, ἐκλήφθη χθὲς δ᾽ ἐκ πρωΐας ὁ ταγματάρχης κ. Πλάτης καὶ ὠδηγήθη εἰς τὰς φυλακὰς τῶν ἀξιωματικῶν. Ὁ ἀξιωματικὸς οὗτος κατηγορεῖται ἐπὶ καταχρήσει 100.000 δραχμῶν.

Ἀποδεικνύεται ἤδη ὅτι ἡ σύλληψις ἐγένετο κατὰ παραγγελίαν τῆς ἀνακρίσεως ἀφοῦ ἐξητάσθησαν τὰ βιβλία τῆς Στρατιωτικῆς Ὑπηρεσίας. Ὁ σύλληψις πιστεύεται ὅτι θὰ ἀκολουθήσωσι καὶ ἄλλαι.

Η ΝΕΑ ΔΙΚΗ ΤΟΥ ΣΤΡΑΤΟΔΙΚΕΙΟΥ

Ἐπὶ τῷ Στρατοδικείῳ θὰ δικασθῇ προσεχῶς ἡ ὑπόθεσις τοῦ Γλυκοῦ Πολεμικοῦ Νοσοκομείου ὑπὸ τὸν χαρακτῆρα κατηγορουμένου τοῦ ἀξιωματικοῦ τῆς ἐπιμελητείας ὅστις κατηγορεῖται ἐπὶ ἀπάτῃ καὶ πλαστογραφίᾳ.

Η ΥΠΕΡΤΙΜΗΣΙΣ ΤΩΝ ΣΙΤΗΡΩΝ
ΘΑ ΑΚΡΙΒΗΝΗ ΤΟ ΨΩΜΙ

Πρὸ ἀρκετῶν ἤδη ἡμερῶν ἡ τιμὴ τῶν σιτηρῶν ἤρχισε νὰ λαμβάνῃ ἀνησυχητικὰς διαστάσεις. Διότι ἐνῷ μέχρι τινὸς αἱ τιμαὶ τῶν σιτηρῶν ἐκυμαίνοντο περὶ τὰς 12 χιλ. ὁκάδας σήμερον ἔφθασαν τὰς 14 χιλ. Κατ᾽ ἀναλογίαν φυσικῶς θὰ ὑψωθῇ καὶ ἡ τιμὴ τοῦ ἄρτου.

Θ᾽ ΑΚΡΙΒΗΝΗ ΤΟ ΨΩΜΙ

Κατόπιν τῆς ὑψώσεως τῶν τιμῶν τοῦ σίτου οἱ ἀρτοπῶλαι ἀπεφάσισαν νὰ αὐξήσουν τὴν τιμὴν τοῦ ἄρτου κατὰ πέντε λεπτὰ κατ᾽ ὀκάν. Ἡ ἀγορανομία ὅμως ἀπηγόρευσε τὴν αὔξησιν.

ΑΚΡΙΒΗΝΕΝ ΗΔΗ

—Εἶναι ἀλήθεια ἠρωτήσαμεν ἀρτοπώλην ὅτι ἡ τιμὴ τοῦ ἄρτου θὰ αὐξηθῇ; —Βεβαίως ἀπήντησεν. Τὸ ἀλεύρι ὑψώθη καὶ δὲν δυνάμεθα νὰ πωλοῦμεν μὲ ζημίαν. —Καὶ τὸ ἀλεύρι ὑψώθησαν ἀρκετά; —Ἐξ τούτου παρατηρήσαμεν ἐθ ἐκκολου.

ΤΑ ΝΕΩΤΕΡΑ ΤΗΛΕΓΡΑΦΗΜΑΤΑ
ΑΙ ΔΗΛΩΣΕΙΣ ΤΟΥ ΧΟΛΒΕΓΚ

ΒΕΡΟΛΙΝΟΝ, 3 Φεβρουαρίου (Ἐθνικὸν Πρακτορεῖον). —Αἱ δηλώσεις αἱ γενόμεναι χθὲς εἰς τὸ Ράιχσταγκ ὑπὸ τοῦ Καγκελαρίου τῆς Αὐτοκρατορίας περὶ βελτιώσεως τῶν σχέσεων τῆς Γερμανίας μετὰ τῆς Ἀγγλίας ἐπροξένησαν εὐχάριστον ἐντύπωσιν.

Ο ΑΙΡΕΝΤΑΛ ΨΥΧΟΡΡΑΓΕΙ

ΚΩΝ)ΠΟΛΙΣ, 3 Φεβρουαρίου. —Τὸ Λοκὰλ Ἀνζάϊγκερ ἀναγράφει ὅτι ἡ κατάστασις τῆς ὑγείας τοῦ κόμητος Αἰρένταλ ἐπεδεινώθη σοβαρῶς κατὰ τὴν παρελθοῦσαν νύκτα.

ΣΥΝΑΝΤΗΣΙΣ ΤΣΑΡΟΥ ΚΑΙ ΚΑΙΖΕΡ

ΒΙΕΝΝΗ, 3 Φεβρουαρίου. —Εἰς φύματα διαδίδεται ὅτι προσεχῶς ὁ Αὐτοκράτωρ τῆς Γερμανίας καὶ ὁ Τσάρος θὰ συναντηθῶσιν.

ΑΠΟΤΕΛΕΣΜΑΤΑ ΓΕΡΜΑΝΙΚΩΝ ΔΙΑΒΕΒΑΙΩΣΕΩΝ

ΚΩΝ)ΠΟΛΙΣ, 3 Φεβρουαρίου. —Ἡ Πύλη ἀνεκάλεσε ἐκ νέου τὰς διαταγὰς τῆς πρὸς τοὺς ἐν Τρίπολει διοικητὰς καὶ ἐκέλευσε τὴν ἐνίσχυσιν τῶν ἐκεῖ τουρκικῶν δυνάμεων.

ΘΑΝΑΤΟΣ ΑΕΡΟΠΟΡΟΥ

ΒΕΡΟΛΙΝΟΝ, 3 Φεβρουαρίου. —Ὁ ἀεροπόρος... κατὰ τὴν πτῆσιν ἐφονεύθη.

θεῦν οἱ ἀρτοπῶλαι νὰ τὸ πωλήσῃ τὸ 65 λεπτὰ τὴν ὀκᾶ. —Ἀλλ᾽ ὅτι ὅμως ὑψώθη εἰς σὲ ὅλα... —Τὸ γνωρίζω καὶ ὁ κόσμος εἶναι ἐξηρημένος διὰ τὰ παραπλήσια. —Ἂν ἔχετε τὴν καλωσύνην νὰ μοῦ ἐξηγήσετε...

ΕΥΘΗΝΟΤΕΡΟΝ ΑΠΟ ΤΟΥΣ ΦΟΥΡΝΟΥΣ

Ἐσχάτως καὶ ἐξ αἰτίας τῆς ὑψώσεως τῶν τιμῶν ἐπέδωσεν ἡ Ἐπιτροπὴ τῶν ὑπέρ τῶν ἀπόρων σχεδὸν καινὴ κέρδος εἰς τοὺς ἀρτοποιούς. Ὁ Δήμος ἀπεφάσισε νὰ πωλῇ ὁ ἴδιος τὸν ἄρτον εἰς τὸ Δημοτικὸν κατάστημα καὶ ἐκ τῶν ἐξόδων.

Καὶ ἔτσι ὁ κόσμος θὰ εὐχαριστηθῇ καὶ αὐτοὶ ἔπεσαν.

Η ΕΠΙΣΚΕΨΙΣ ΤΗΣ ΓΕΩΡΓΙΑΣ
ΜΙΑ ΑΝΑΚΟΙΝΩΣΙΣ ΤΟΥ ΥΠΟΥΡΓΕΙΟΥ

Τὸ ὑπουργεῖον τῆς Γεωργίας ἐξέδωκε τὴν ἑπομένην ἀνακοίνωσιν: Τὸ ὑπουργεῖον τῆς Ἐθνικῆς Οἰκονομίας προτίθεται νὰ καταρτίσῃ νομοσχέδιον περὶ Γεωργικῶν Ταμείων Ἀγροτικῆς Πίστεως. Ἐπειδὴ ἡ γεωργία εἶναι ἡ βάσις τῆς ἐθνικῆς παραγωγῆς καὶ κάθε μέτρον πρὸς ἐνίσχυσιν αὐτῆς εἶναι ἀναγκαῖον, καλοῦνται οἱ ἁρμόδιοι νὰ ὑποβάλωσι τὰς παρατηρήσεις των.

Ὁ Ὑπουργὸς τῆς Ἐθνικῆς Οἰκονομίας ΒΜΜ. ΜΠΕΝΑΚΗΣ

ΒΙΕΝΝΗ, 3 Φεβρουαρίου. —Ἡ ἀπόφασις τῆς Ἰταλοτουρκικῆς συνεννοήσεως ἀνακοινωθείσης ἐπισήμως ἀπηγορεύθη. Ἡ Πύλη ἀπεφάσισεν ὅλας τὰς ἀρχὰς καὶ πολλὰ ὑπῆρξαν ἀποτελέσματα.

Η ΠΑΡΑΙΤΗΣΙΣ ΤΟΥ ΝΑΙΛ

ΚΩΝ)ΠΟΛΙΣ, 3 Φεβρουαρίου. —Ὁ Ἀρχιστράτηγος καὶ ὑπουργὸς τῶν Στρατιωτικῶν Μαχμοὺτ Σεφκὲτ πασᾶς καὶ Ναὶλ βέης ἔδωσαν τὴν παραίτησιν.

Η ΚΑΤΑΔΙΚΗ ΤΟΥ ΚΟΣΜΙΔΟΥ

ΚΩΝ)ΠΟΛΙΣ, 3 Φεβρουαρίου. —Ὁ πρώην βουλευτὴς κ. Κοσμίδης κατεδικάσθη ὑπὸ τοῦ Στρατοδικείου εἰς 4 μηνῶν φυλάκισιν.

ΑΓΓΛΟΓΕΡΜΑΝΙΚΑΙ ΔΙΑΠΡΑΓΜΑΤΕΥΣΕΙΣ

ΒΕΡΟΛΙΝΟΝ, 3 Φεβρουαρίου. —Ὁ Αὐτοκράτωρ τῆς Γερμανίας ἐδέχθη τὸν Ἄγγλον ὑπουργὸν Χάλδαν ἐπιλαβόμενον συζητήσεως περὶ τῶν σχέσεων τῶν δύο χωρῶν.

ΔΙΕΤΗΣ ΘΗΤΕΙΑ ΕΙΣ ΤΗΝ ΟΥΓΓΑΡΙΑΝ

ΒΟΥΔΑΠΕΣΤΗ, 3 Φεβρουαρίου. —Ὁ Οὐγγρικὸς πρωθυπουργὸς ἐξήνεσε εἰς τὴν Βουλὴν τὴν ἀνάγκην τῆς εἰσαγωγῆς τῆς διετοῦς στρατιωτικῆς θητείας.
